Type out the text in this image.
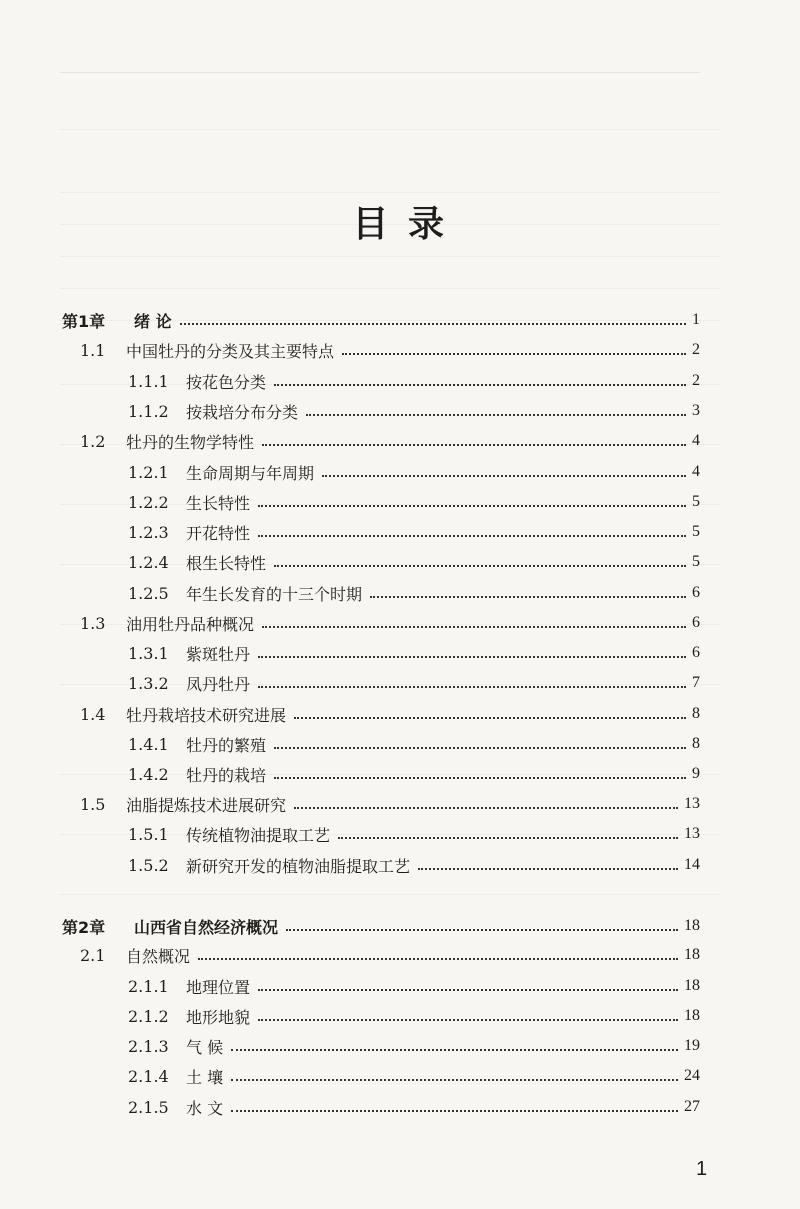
目 录
第1章	绪 论	1
1.1	中国牡丹的分类及其主要特点	2
1.1.1	按花色分类	2
1.1.2	按栽培分布分类	3
1.2	牡丹的生物学特性	4
1.2.1	生命周期与年周期	4
1.2.2	生长特性	5
1.2.3	开花特性	5
1.2.4	根生长特性	5
1.2.5	年生长发育的十三个时期	6
1.3	油用牡丹品种概况	6
1.3.1	紫斑牡丹	6
1.3.2	凤丹牡丹	7
1.4	牡丹栽培技术研究进展	8
1.4.1	牡丹的繁殖	8
1.4.2	牡丹的栽培	9
1.5	油脂提炼技术进展研究	13
1.5.1	传统植物油提取工艺	13
1.5.2	新研究开发的植物油脂提取工艺	14
第2章	山西省自然经济概况	18
2.1	自然概况	18
2.1.1	地理位置	18
2.1.2	地形地貌	18
2.1.3	气 候	19
2.1.4	土 壤	24
2.1.5	水 文	27
1
